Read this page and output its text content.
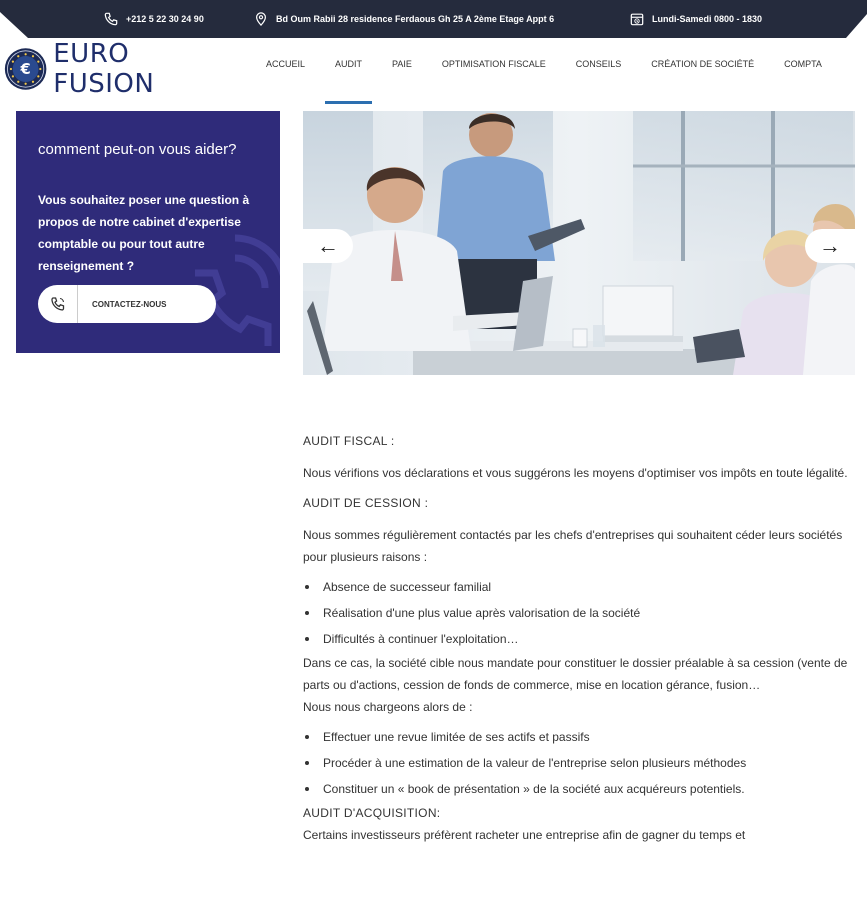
+212 5 22 30 24 90	Bd Oum Rabii 28 residence Ferdaous Gh 25 A 2ème Etage Appt 6	Lundi-Samedi 0800 - 1830
€
EURO FUSION
ACCUEIL	AUDIT	PAIE	OPTIMISATION FISCALE	CONSEILS	CRÉATION DE SOCIÉTÉ	COMPTA
comment peut-on vous aider?

Vous souhaitez poser une question à propos de notre cabinet d'expertise comptable ou pour tout autre renseignement ?

CONTACTEZ-NOUS
←	→
AUDIT FISCAL :
Nous vérifions vos déclarations et vous suggérons les moyens d'optimiser vos impôts en toute légalité.
AUDIT DE CESSION :
Nous sommes régulièrement contactés par les chefs d'entreprises qui souhaitent céder leurs sociétés pour plusieurs raisons :
Absence de successeur familial
Réalisation d'une plus value après valorisation de la société
Difficultés à continuer l'exploitation…
Dans ce cas, la société cible nous mandate pour constituer le dossier préalable à sa cession (vente de parts ou d'actions, cession de fonds de commerce, mise en location gérance, fusion…
Nous nous chargeons alors de :
Effectuer une revue limitée de ses actifs et passifs
Procéder à une estimation de la valeur de l'entreprise selon plusieurs méthodes
Constituer un « book de présentation » de la société aux acquéreurs potentiels.
AUDIT D'ACQUISITION:
Certains investisseurs préfèrent racheter une entreprise afin de gagner du temps et
